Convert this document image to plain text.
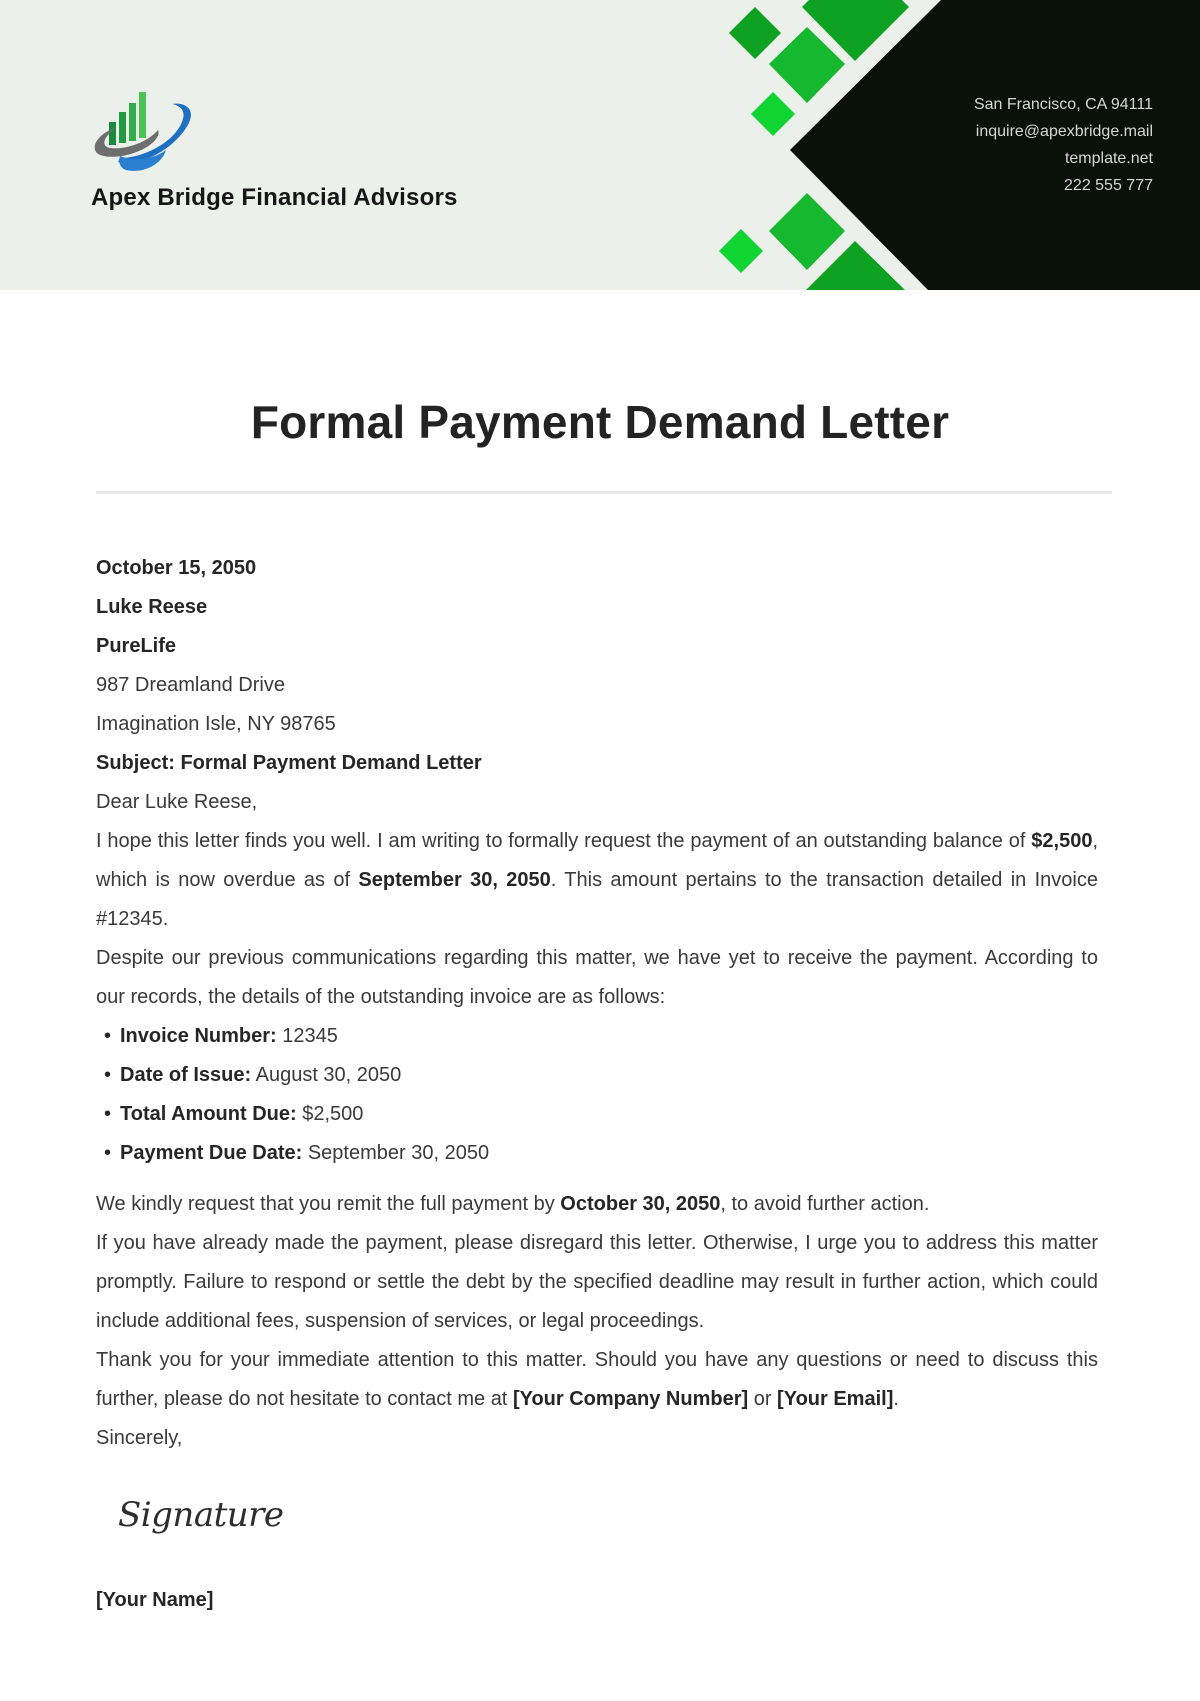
Apex Bridge Financial Advisors
San Francisco, CA 94111
inquire@apexbridge.mail
template.net
222 555 777
Formal Payment Demand Letter
October 15, 2050
Luke Reese
PureLife
987 Dreamland Drive
Imagination Isle, NY 98765
Subject: Formal Payment Demand Letter
Dear Luke Reese,

I hope this letter finds you well. I am writing to formally request the payment of an outstanding balance of $2,500, which is now overdue as of September 30, 2050. This amount pertains to the transaction detailed in Invoice #12345.

Despite our previous communications regarding this matter, we have yet to receive the payment. According to our records, the details of the outstanding invoice are as follows:

• Invoice Number: 12345
• Date of Issue: August 30, 2050
• Total Amount Due: $2,500
• Payment Due Date: September 30, 2050

We kindly request that you remit the full payment by October 30, 2050, to avoid further action.

If you have already made the payment, please disregard this letter. Otherwise, I urge you to address this matter promptly. Failure to respond or settle the debt by the specified deadline may result in further action, which could include additional fees, suspension of services, or legal proceedings.

Thank you for your immediate attention to this matter. Should you have any questions or need to discuss this further, please do not hesitate to contact me at [Your Company Number] or [Your Email].

Sincerely,
Signature
[Your Name]
